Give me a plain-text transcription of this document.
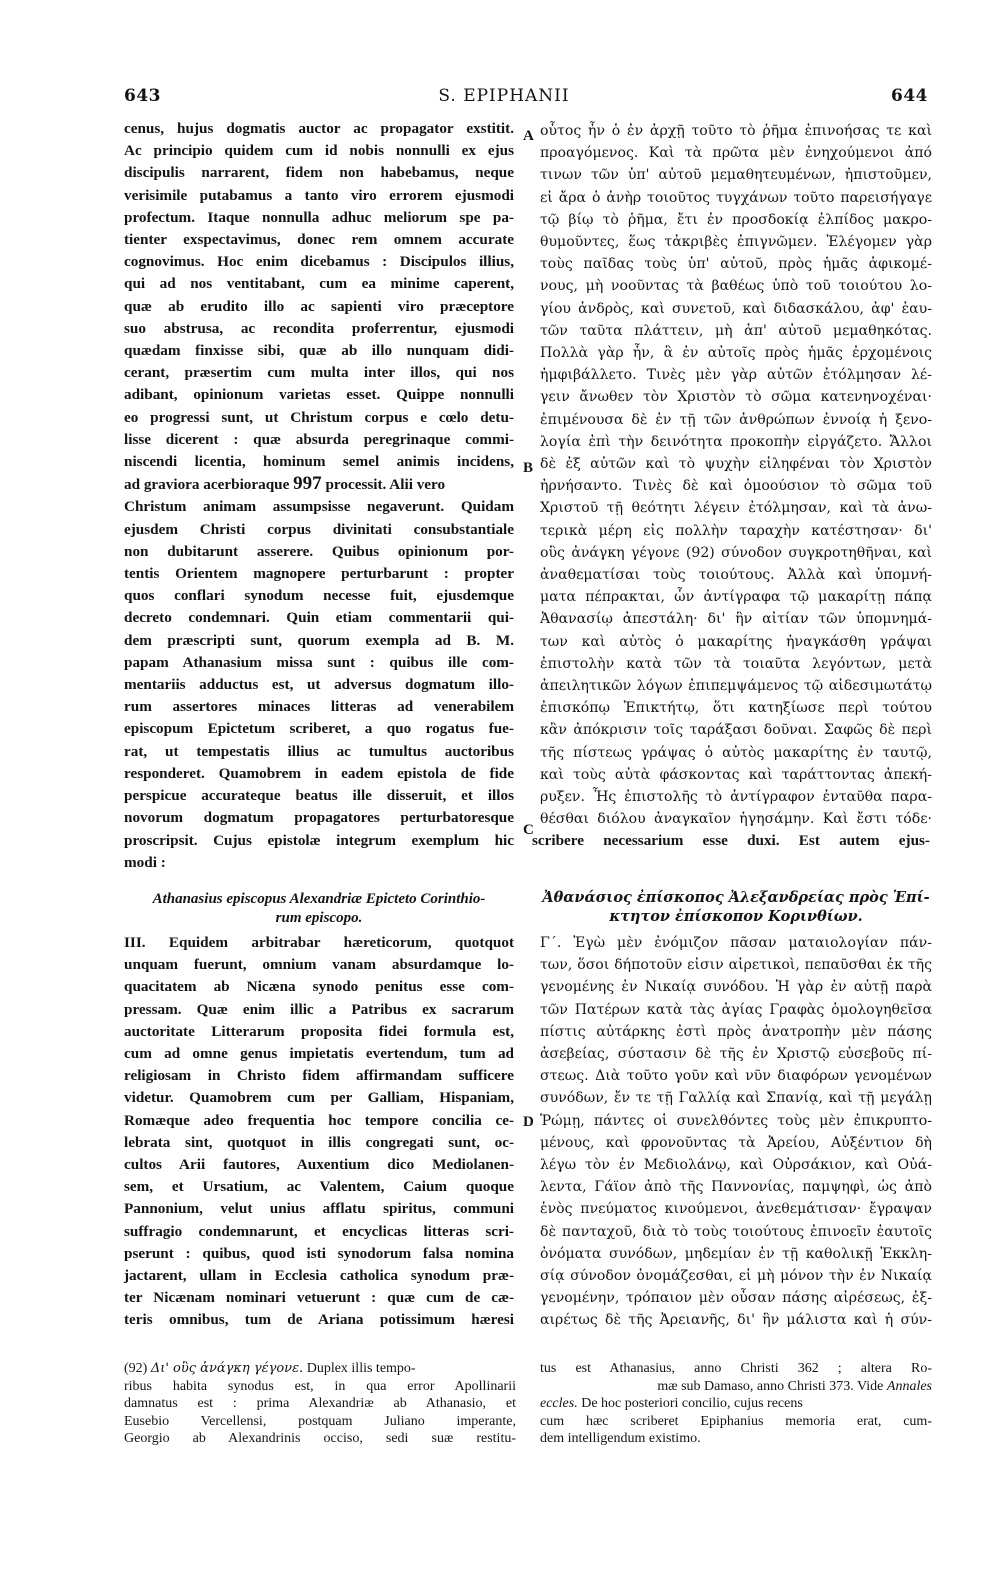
S. EPIPHANII
643	644
A
B
C
D
cenus, hujus dogmatis auctor ac propagator exstitit.
Ac principio quidem cum id nobis nonnulli ex ejus
discipulis narrarent, fidem non habebamus, neque
verisimile putabamus a tanto viro errorem ejusmodi
profectum. Itaque nonnulla adhuc meliorum spe pa-
tienter exspectavimus, donec rem omnem accurate
cognovimus. Hoc enim dicebamus : Discipulos illius,
qui ad nos ventitabant, cum ea minime caperent,
quæ ab erudito illo ac sapienti viro præceptore
suo abstrusa, ac recondita proferrentur, ejusmodi
quædam finxisse sibi, quæ ab illo nunquam didi-
cerant, præsertim cum multa inter illos, qui nos
adibant, opinionum varietas esset. Quippe nonnulli
eo progressi sunt, ut Christum corpus e cœlo detu-
lisse dicerent : quæ absurda peregrinaque commi-
niscendi licentia, hominum semel animis incidens,
ad graviora acerbioraque 997 processit. Alii vero
Christum animam assumpsisse negaverunt. Quidam
ejusdem Christi corpus divinitati consubstantiale
non dubitarunt asserere. Quibus opinionum por-
tentis Orientem magnopere perturbarunt : propter
quos conflari synodum necesse fuit, ejusdemque
decreto condemnari. Quin etiam commentarii qui-
dem præscripti sunt, quorum exempla ad B. M.
papam Athanasium missa sunt : quibus ille com-
mentariis adductus est, ut adversus dogmatum illo-
rum assertores minaces litteras ad venerabilem
episcopum Epictetum scriberet, a quo rogatus fue-
rat, ut tempestatis illius ac tumultus auctoribus
responderet. Quamobrem in eadem epistola de fide
perspicue accurateque beatus ille disseruit, et illos
novorum dogmatum propagatores perturbatoresque
proscripsit. Cujus epistolæ integrum exemplum hic
modi :
Athanasius episcopus Alexandriæ Epicteto Corinthio-
rum episcopo.
III. Equidem arbitrabar hæreticorum, quotquot
unquam fuerunt, omnium vanam absurdamque lo-
quacitatem ab Nicæna synodo penitus esse com-
pressam. Quæ enim illic a Patribus ex sacrarum
auctoritate Litterarum proposita fidei formula est,
cum ad omne genus impietatis evertendum, tum ad
religiosam in Christo fidem affirmandam sufficere
videtur. Quamobrem cum per Galliam, Hispaniam,
Romæque adeo frequentia hoc tempore concilia ce-
lebrata sint, quotquot in illis congregati sunt, oc-
cultos Arii fautores, Auxentium dico Mediolanen-
sem, et Ursatium, ac Valentem, Caium quoque
Pannonium, velut unius afflatu spiritus, communi
suffragio condemnarunt, et encyclicas litteras scri-
pserunt : quibus, quod isti synodorum falsa nomina
jactarent, ullam in Ecclesia catholica synodum præ-
ter Nicænam nominari vetuerunt : quæ cum de cæ-
teris omnibus, tum de Ariana potissimum hæresi
οὗτος ἦν ὁ ἐν ἀρχῇ τοῦτο τὸ ῥῆμα ἐπινοήσας τε καὶ
προαγόμενος. Καὶ τὰ πρῶτα μὲν ἐνηχούμενοι ἀπό
τινων τῶν ὑπ' αὐτοῦ μεμαθητευμένων, ἠπιστοῦμεν,
εἰ ἄρα ὁ ἀνὴρ τοιοῦτος τυγχάνων τοῦτο παρεισήγαγε
τῷ βίῳ τὸ ῥῆμα, ἔτι ἐν προσδοκίᾳ ἐλπίδος μακρο-
θυμοῦντες, ἕως τἀκριβὲς ἐπιγνῶμεν. Ἐλέγομεν γὰρ
τοὺς παῖδας τοὺς ὑπ' αὐτοῦ, πρὸς ἡμᾶς ἀφικομέ-
νους, μὴ νοοῦντας τὰ βαθέως ὑπὸ τοῦ τοιούτου λο-
γίου ἀνδρὸς, καὶ συνετοῦ, καὶ διδασκάλου, ἀφ' ἑαυ-
τῶν ταῦτα πλάττειν, μὴ ἀπ' αὐτοῦ μεμαθηκότας.
Πολλὰ γὰρ ἦν, ἃ ἐν αὐτοῖς πρὸς ἡμᾶς ἐρχομένοις
ἠμφιβάλλετο. Τινὲς μὲν γὰρ αὐτῶν ἐτόλμησαν λέ-
γειν ἄνωθεν τὸν Χριστὸν τὸ σῶμα κατενηνοχέναι·
ἐπιμένουσα δὲ ἐν τῇ τῶν ἀνθρώπων ἐννοίᾳ ἡ ξενο-
λογία ἐπὶ τὴν δεινότητα προκοπὴν εἰργάζετο. Ἄλλοι
δὲ ἐξ αὐτῶν καὶ τὸ ψυχὴν εἰληφέναι τὸν Χριστὸν
ἠρνήσαντο. Τινὲς δὲ καὶ ὁμοούσιον τὸ σῶμα τοῦ
Χριστοῦ τῇ θεότητι λέγειν ἐτόλμησαν, καὶ τὰ ἀνω-
τερικὰ μέρη εἰς πολλὴν ταραχὴν κατέστησαν· δι'
οὓς ἀνάγκη γέγονε (92) σύνοδον συγκροτηθῆναι, καὶ
ἀναθεματίσαι τοὺς τοιούτους. Ἀλλὰ καὶ ὑπομνή-
ματα πέπρακται, ὧν ἀντίγραφα τῷ μακαρίτῃ πάπᾳ
Ἀθανασίῳ ἀπεστάλη· δι' ἣν αἰτίαν τῶν ὑπομνημά-
των καὶ αὐτὸς ὁ μακαρίτης ἠναγκάσθη γράψαι
ἐπιστολὴν κατὰ τῶν τὰ τοιαῦτα λεγόντων, μετὰ
ἀπειλητικῶν λόγων ἐπιπεμψάμενος τῷ αἰδεσιμωτάτῳ
ἐπισκόπῳ Ἐπικτήτῳ, ὅτι κατηξίωσε περὶ τούτου
κἂν ἀπόκρισιν τοῖς ταράξασι δοῦναι. Σαφῶς δὲ περὶ
τῆς πίστεως γράψας ὁ αὐτὸς μακαρίτης ἐν ταυτῷ,
καὶ τοὺς αὐτὰ φάσκοντας καὶ ταράττοντας ἀπεκή-
ρυξεν. Ἧς ἐπιστολῆς τὸ ἀντίγραφον ἐνταῦθα παρα-
θέσθαι διόλου ἀναγκαῖον ἡγησάμην. Καὶ ἔστι τόδε·
scribere necessarium esse duxi. Est autem ejus-
Ἀθανάσιος ἐπίσκοπος Ἀλεξανδρείας πρὸς Ἐπί-
κτητον ἐπίσκοπον Κορινθίων.
Γ΄. Ἐγὼ μὲν ἐνόμιζον πᾶσαν ματαιολογίαν πάν-
των, ὅσοι δήποτοῦν εἰσιν αἱρετικοὶ, πεπαῦσθαι ἐκ τῆς
γενομένης ἐν Νικαίᾳ συνόδου. Ἡ γὰρ ἐν αὐτῇ παρὰ
τῶν Πατέρων κατὰ τὰς ἁγίας Γραφὰς ὁμολογηθεῖσα
πίστις αὐτάρκης ἐστὶ πρὸς ἀνατροπὴν μὲν πάσης
ἀσεβείας, σύστασιν δὲ τῆς ἐν Χριστῷ εὐσεβοῦς πί-
στεως. Διὰ τοῦτο γοῦν καὶ νῦν διαφόρων γενομένων
συνόδων, ἔν τε τῇ Γαλλίᾳ καὶ Σπανίᾳ, καὶ τῇ μεγάλῃ
Ῥώμῃ, πάντες οἱ συνελθόντες τοὺς μὲν ἐπικρυπτο-
μένους, καὶ φρονοῦντας τὰ Ἀρείου, Αὐξέντιον δὴ
λέγω τὸν ἐν Μεδιολάνῳ, καὶ Οὐρσάκιον, καὶ Οὐά-
λεντα, Γάϊον ἀπὸ τῆς Παννονίας, παμψηφὶ, ὡς ἀπὸ
ἑνὸς πνεύματος κινούμενοι, ἀνεθεμάτισαν· ἔγραψαν
δὲ πανταχοῦ, διὰ τὸ τοὺς τοιούτους ἐπινοεῖν ἑαυτοῖς
ὀνόματα συνόδων, μηδεμίαν ἐν τῇ καθολικῇ Ἐκκλη-
σίᾳ σύνοδον ὀνομάζεσθαι, εἰ μὴ μόνον τὴν ἐν Νικαίᾳ
γενομένην, τρόπαιον μὲν οὖσαν πάσης αἱρέσεως, ἐξ-
αιρέτως δὲ τῆς Ἀρειανῆς, δι' ἣν μάλιστα καὶ ἡ σύν-
(92) Δι' οὓς ἀνάγκη γέγονε. Duplex illis tempo-
ribus habita synodus est, in qua error Apollinarii
damnatus est : prima Alexandriæ ab Athanasio, et
Eusebio Vercellensi, postquam Juliano imperante,
Georgio ab Alexandrinis occiso, sedi suæ restitu-
tus est Athanasius, anno Christi 362 ; altera Ro-
mæ sub Damaso, anno Christi 373. Vide Annales
eccles. De hoc posteriori concilio, cujus recens
cum hæc scriberet Epiphanius memoria erat, cum-
dem intelligendum existimo.
